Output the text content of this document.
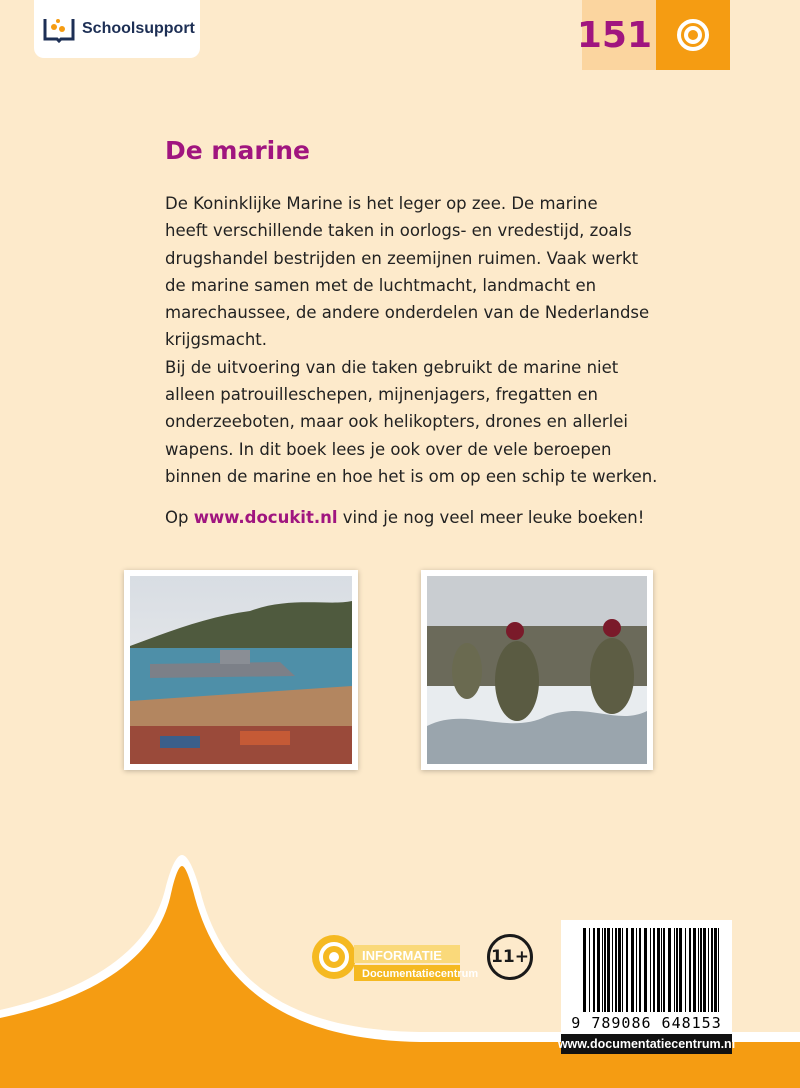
Schoolsupport	151
De marine
De Koninklijke Marine is het leger op zee. De marine
heeft verschillende taken in oorlogs- en vredestijd, zoals
drugshandel bestrijden en zeemijnen ruimen. Vaak werkt
de marine samen met de luchtmacht, landmacht en
marechaussee, de andere onderdelen van de Nederlandse
krijgsmacht.
Bij de uitvoering van die taken gebruikt de marine niet
alleen patrouilleschepen, mijnenjagers, fregatten en
onderzeeboten, maar ook helikopters, drones en allerlei
wapens. In dit boek lees je ook over de vele beroepen
binnen de marine en hoe het is om op een schip te werken.
Op www.docukit.nl vind je nog veel meer leuke boeken!
INFORMATIE
Documentatiecentrum
11+
9 789086 648153
www.documentatiecentrum.nl
